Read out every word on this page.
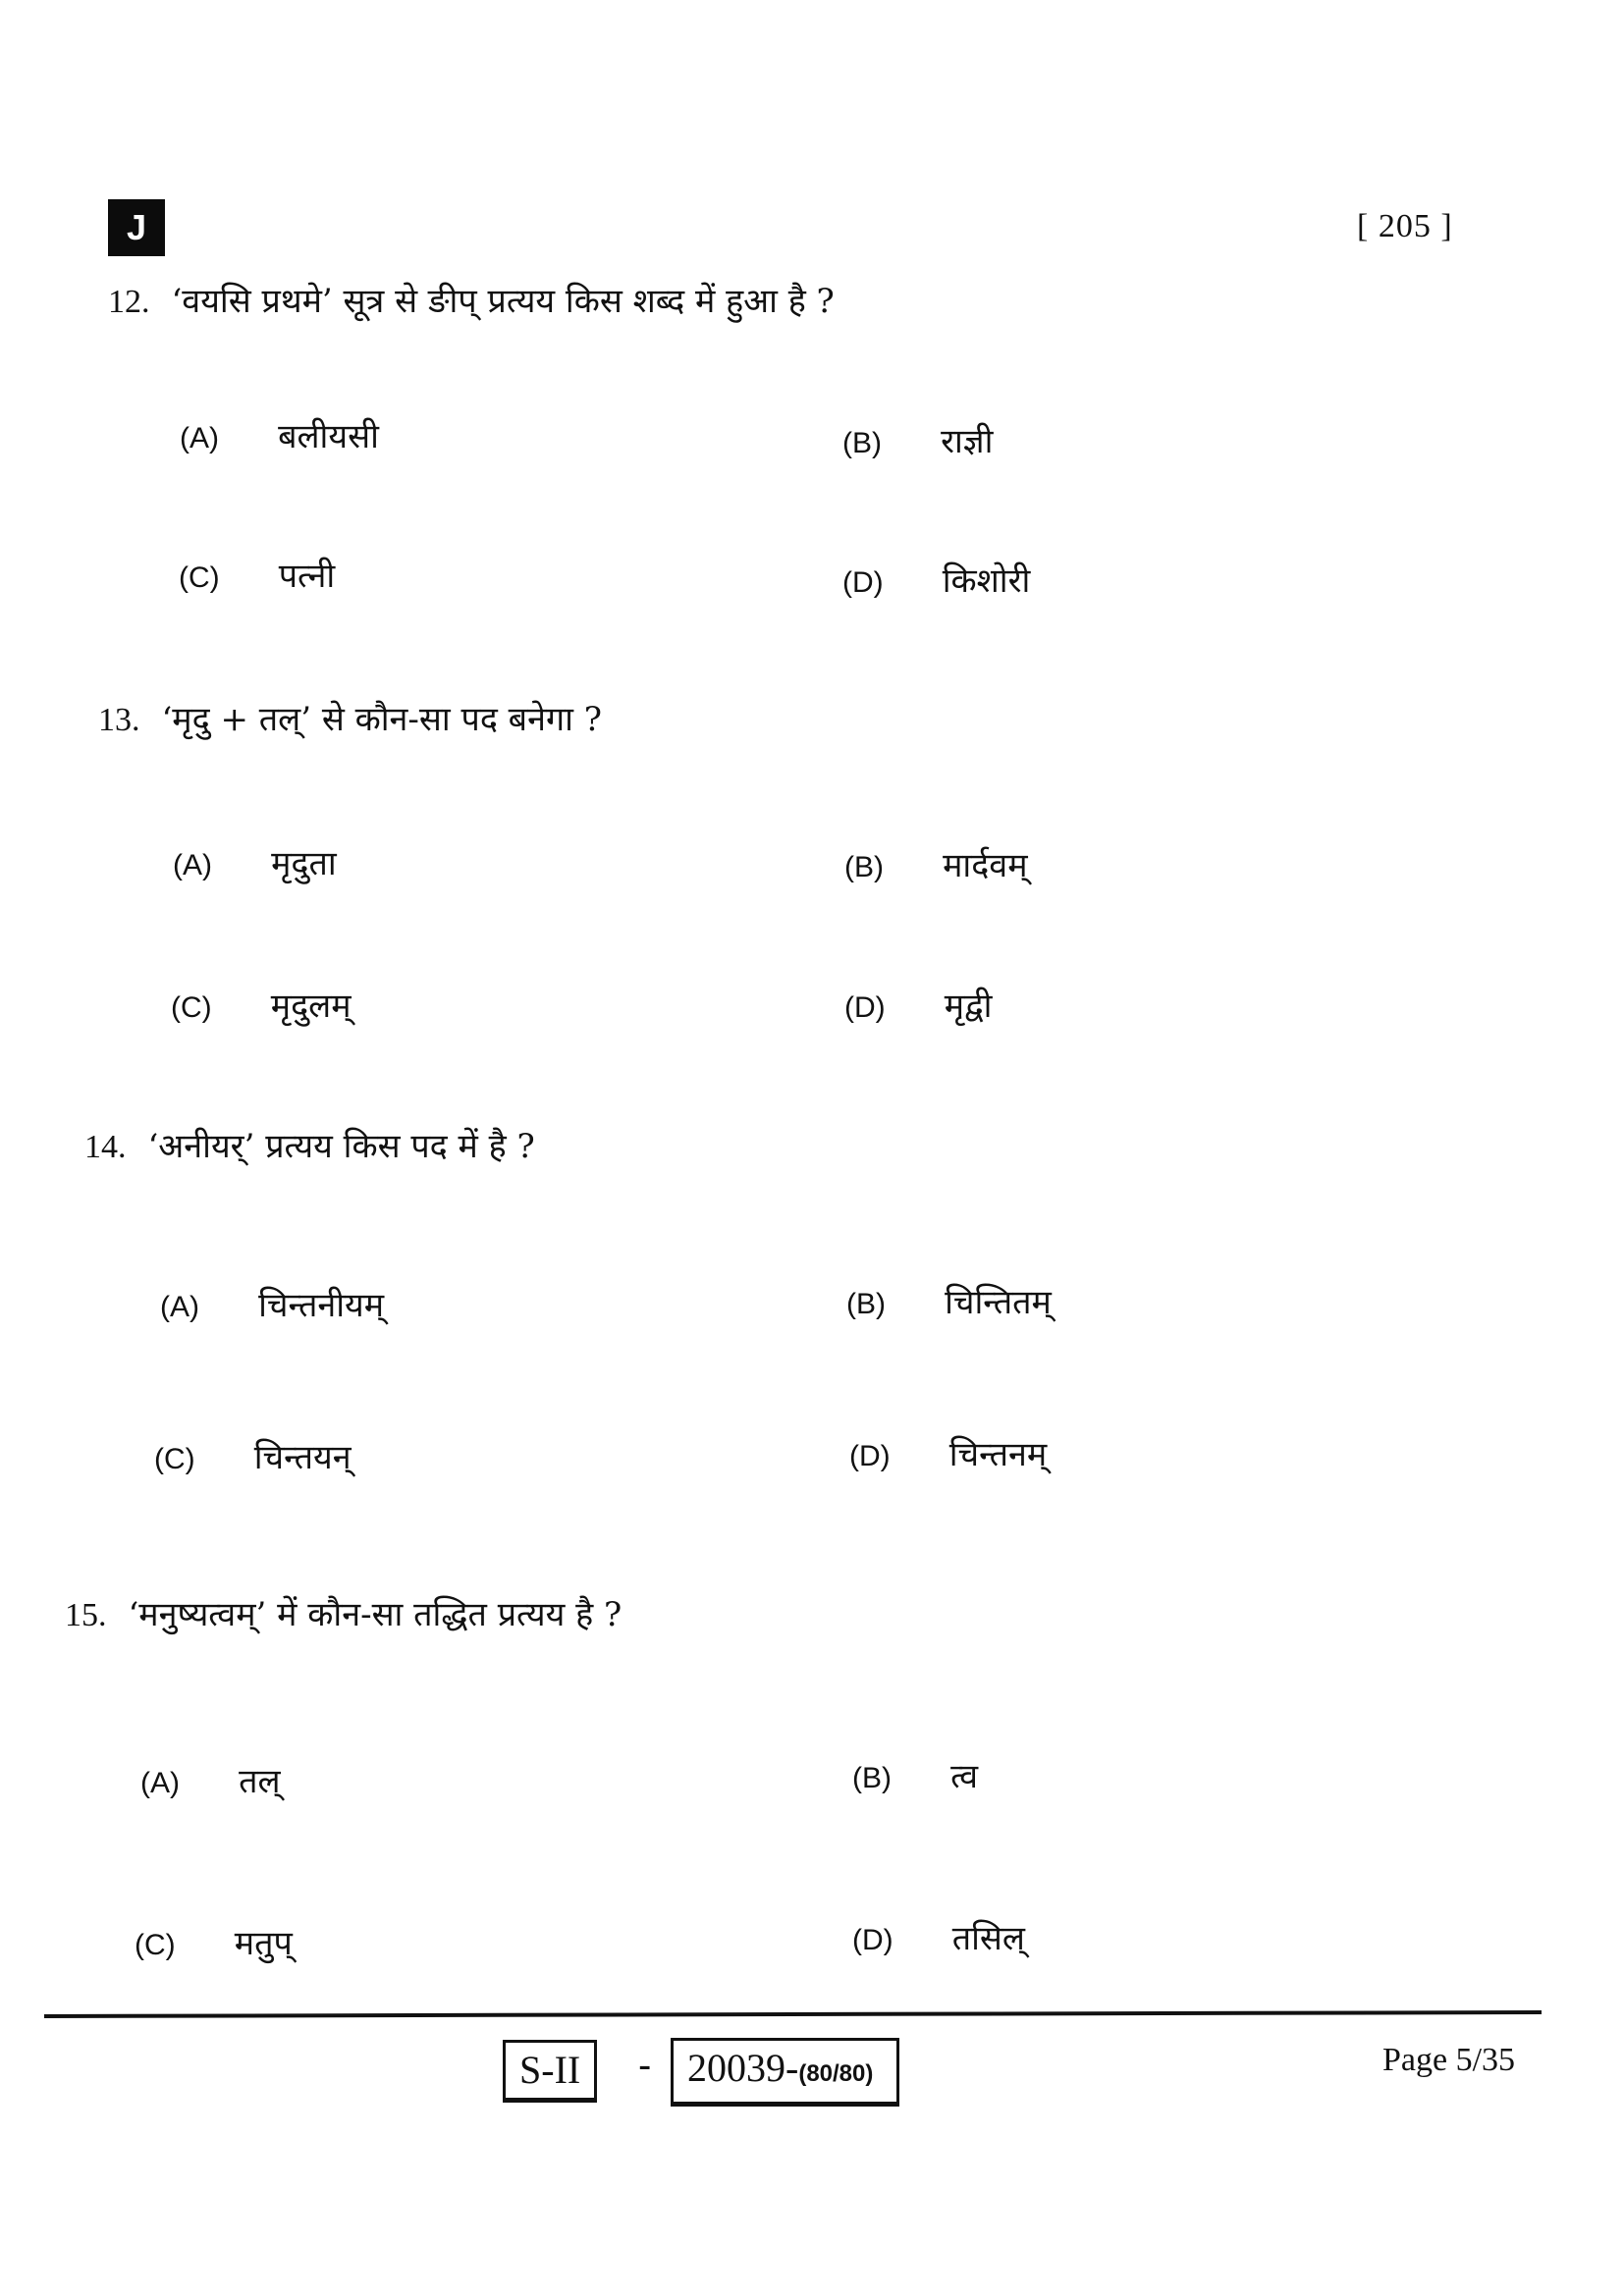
J	[ 205 ]
12. ‘वयसि प्रथमे’ सूत्र से ङीप् प्रत्यय किस शब्द में हुआ है ?
(A) बलीयसी	(B) राज्ञी
(C) पत्नी	(D) किशोरी
13. ‘मृदु + तल्’ से कौन-सा पद बनेगा ?
(A) मृदुता	(B) मार्दवम्
(C) मृदुलम्	(D) मृद्वी
14. ‘अनीयर्’ प्रत्यय किस पद में है ?
(A) चिन्तनीयम्	(B) चिन्तितम्
(C) चिन्तयन्	(D) चिन्तनम्
15. ‘मनुष्यत्वम्’ में कौन-सा तद्धित प्रत्यय है ?
(A) तल्	(B) त्व
(C) मतुप्	(D) तसिल्
S-II	- 20039-(80/80)	Page 5/35
